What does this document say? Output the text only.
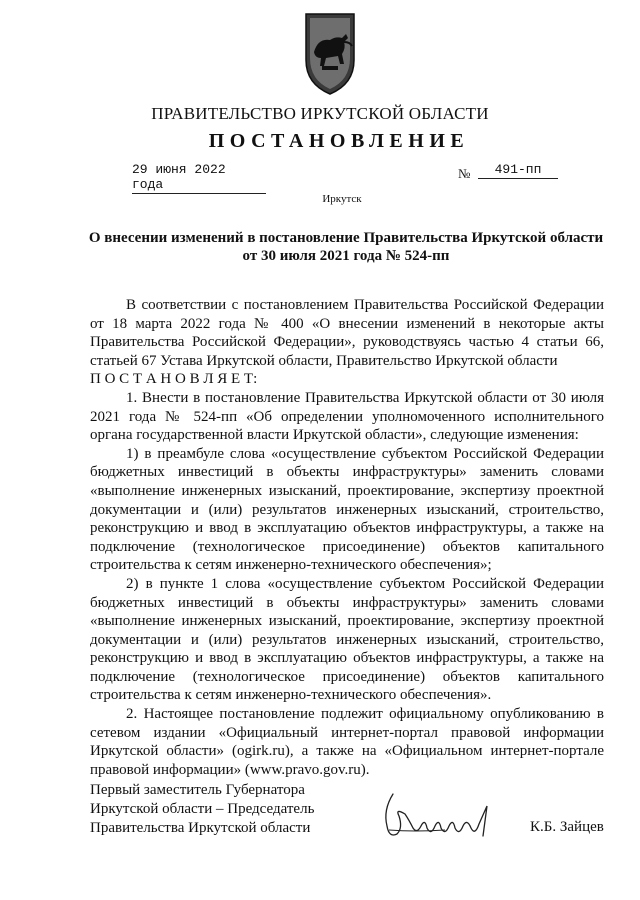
ПРАВИТЕЛЬСТВО ИРКУТСКОЙ ОБЛАСТИ
ПОСТАНОВЛЕНИЕ
29 июня 2022 года
№	491-пп
Иркутск
О внесении изменений в постановление Правительства Иркутской области от 30 июля 2021 года № 524-пп

В соответствии с постановлением Правительства Российской Федерации от 18 марта 2022 года № 400 «О внесении изменений в некоторые акты Правительства Российской Федерации», руководствуясь частью 4 статьи 66, статьей 67 Устава Иркутской области, Правительство Иркутской области

П О С Т А Н О В Л Я Е Т:

1. Внести в постановление Правительства Иркутской области от 30 июля 2021 года № 524-пп «Об определении уполномоченного исполнительного органа государственной власти Иркутской области», следующие изменения:

1) в преамбуле слова «осуществление субъектом Российской Федерации бюджетных инвестиций в объекты инфраструктуры» заменить словами «выполнение инженерных изысканий, проектирование, экспертизу проектной документации и (или) результатов инженерных изысканий, строительство, реконструкцию и ввод в эксплуатацию объектов инфраструктуры, а также на подключение (технологическое присоединение) объектов капитального строительства к сетям инженерно-технического обеспечения»;

2) в пункте 1 слова «осуществление субъектом Российской Федерации бюджетных инвестиций в объекты инфраструктуры» заменить словами «выполнение инженерных изысканий, проектирование, экспертизу проектной документации и (или) результатов инженерных изысканий, строительство, реконструкцию и ввод в эксплуатацию объектов инфраструктуры, а также на подключение (технологическое присоединение) объектов капитального строительства к сетям инженерно-технического обеспечения».

2. Настоящее постановление подлежит официальному опубликованию в сетевом издании «Официальный интернет-портал правовой информации Иркутской области» (ogirk.ru), а также на «Официальном интернет-портале правовой информации» (www.pravo.gov.ru).

Первый заместитель Губернатора
Иркутской области – Председатель
Правительства Иркутской области	К.Б. Зайцев
